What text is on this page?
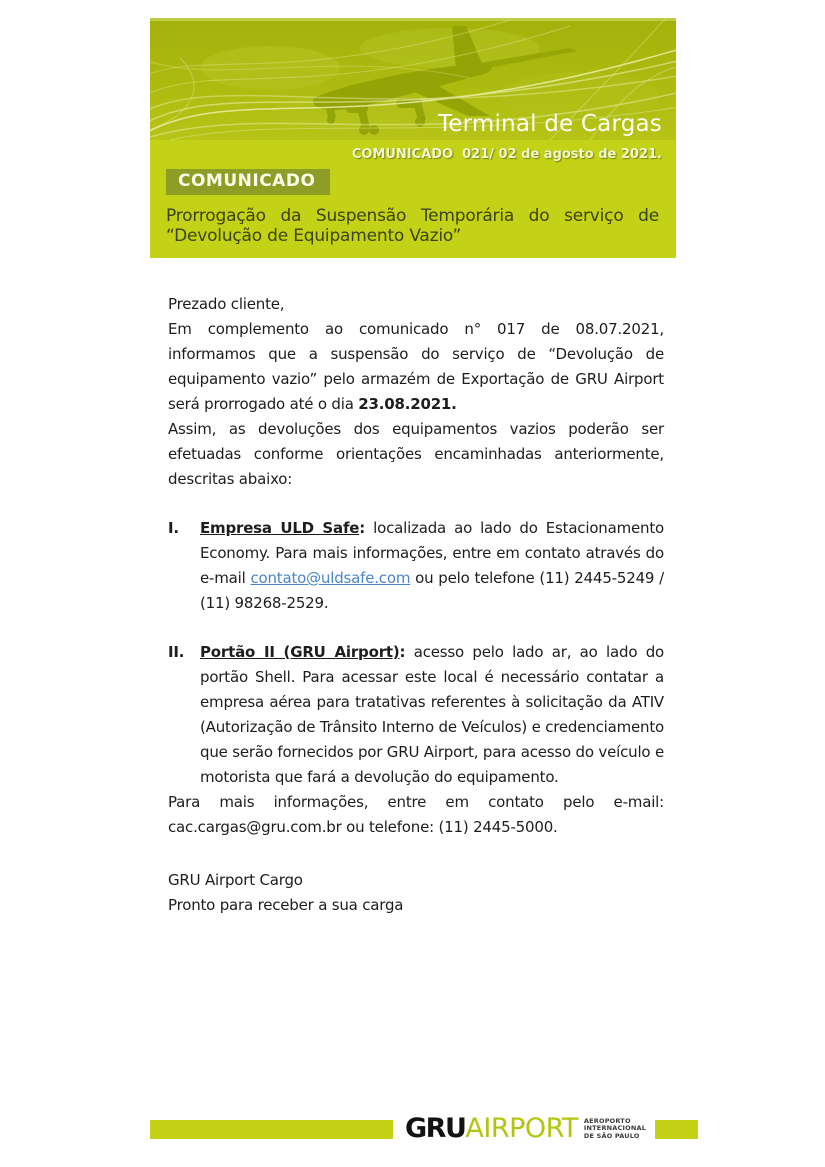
Terminal de Cargas
COMUNICADO  021/ 02 de agosto de 2021.
COMUNICADO
Prorrogação da Suspensão Temporária do serviço de
“Devolução de Equipamento Vazio”

Prezado cliente,

Em complemento ao comunicado n° 017 de 08.07.2021, informamos que a suspensão do serviço de “Devolução de equipamento vazio” pelo armazém de Exportação de GRU Airport será prorrogado até o dia 23.08.2021.

Assim, as devoluções dos equipamentos vazios poderão ser efetuadas conforme orientações encaminhadas anteriormente, descritas abaixo:

I.	Empresa ULD Safe: localizada ao lado do Estacionamento Economy. Para mais informações, entre em contato através do e-mail contato@uldsafe.com ou pelo telefone (11) 2445-5249 / (11) 98268-2529.
II.	Portão II (GRU Airport): acesso pelo lado ar, ao lado do portão Shell. Para acessar este local é necessário contatar a empresa aérea para tratativas referentes à solicitação da ATIV (Autorização de Trânsito Interno de Veículos) e credenciamento que serão fornecidos por GRU Airport, para acesso do veículo e motorista que fará a devolução do equipamento.

Para mais informações, entre em contato pelo e-mail: cac.cargas@gru.com.br ou telefone: (11) 2445-5000.

GRU Airport Cargo

Pronto para receber a sua carga

GRU AIRPORT AEROPORTO
INTERNACIONAL
DE SÃO PAULO
